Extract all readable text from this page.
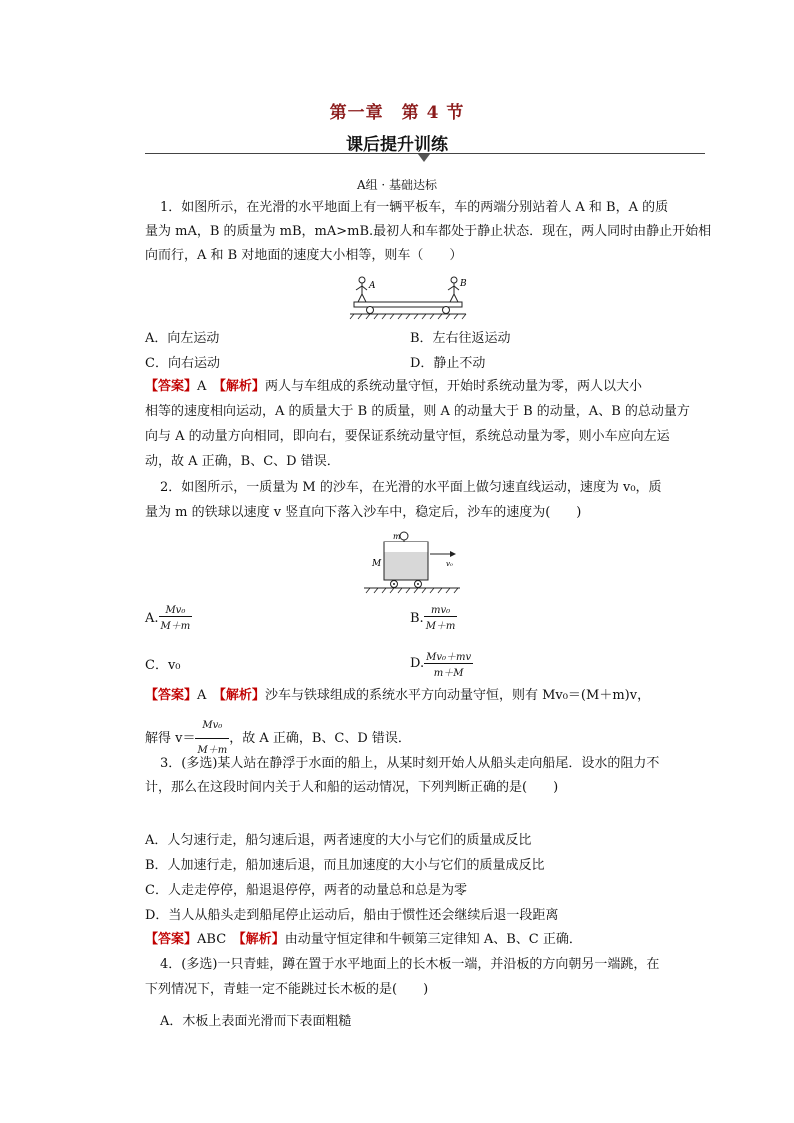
第一章　第 4 节
课后提升训练
A组 · 基础达标
1．如图所示，在光滑的水平地面上有一辆平板车，车的两端分别站着人 A 和 B，A 的质
量为 mA，B 的质量为 mB，mA>mB.最初人和车都处于静止状态．现在，两人同时由静止开始相
向而行，A 和 B 对地面的速度大小相等，则车（　　）
A	B
A．向左运动	B．左右往返运动
C．向右运动	D．静止不动
【答案】A　 【解析】两人与车组成的系统动量守恒，开始时系统动量为零，两人以大小
相等的速度相向运动，A 的质量大于 B 的质量，则 A 的动量大于 B 的动量，A、B 的总动量方
向与 A 的动量方向相同，即向右，要保证系统动量守恒，系统总动量为零，则小车应向左运
动，故 A 正确，B、C、D 错误．
2．如图所示，一质量为 M 的沙车，在光滑的水平面上做匀速直线运动，速度为 v₀，质
量为 m 的铁球以速度 v 竖直向下落入沙车中，稳定后，沙车的速度为(　　)
m
M	v₀
A. $\frac{\text{Mv₀}}{M+m}$	B. $\frac{\text{mv₀}}{M+m}$
C．v₀	D. $\frac{\text{Mv₀＋mv}}{m+M}$
【答案】A　 【解析】沙车与铁球组成的系统水平方向动量守恒，则有 Mv₀＝(M＋m)v，
解得 $v= \frac{\text{Mv₀}}{M+m}$ ，故 A 正确，B、C、D 错误．
3．(多选)某人站在静浮于水面的船上，从某时刻开始人从船头走向船尾．设水的阻力不
计，那么在这段时间内关于人和船的运动情况，下列判断正确的是(　　)
A．人匀速行走，船匀速后退，两者速度的大小与它们的质量成反比
B．人加速行走，船加速后退，而且加速度的大小与它们的质量成反比
C．人走走停停，船退退停停，两者的动量总和总是为零
D．当人从船头走到船尾停止运动后，船由于惯性还会继续后退一段距离
【答案】ABC　 【解析】由动量守恒定律和牛顿第三定律知 A、B、C 正确．
4．(多选)一只青蛙，蹲在置于水平地面上的长木板一端，并沿板的方向朝另一端跳，在
下列情况下，青蛙一定不能跳过长木板的是(　　)
A．木板上表面光滑而下表面粗糙
